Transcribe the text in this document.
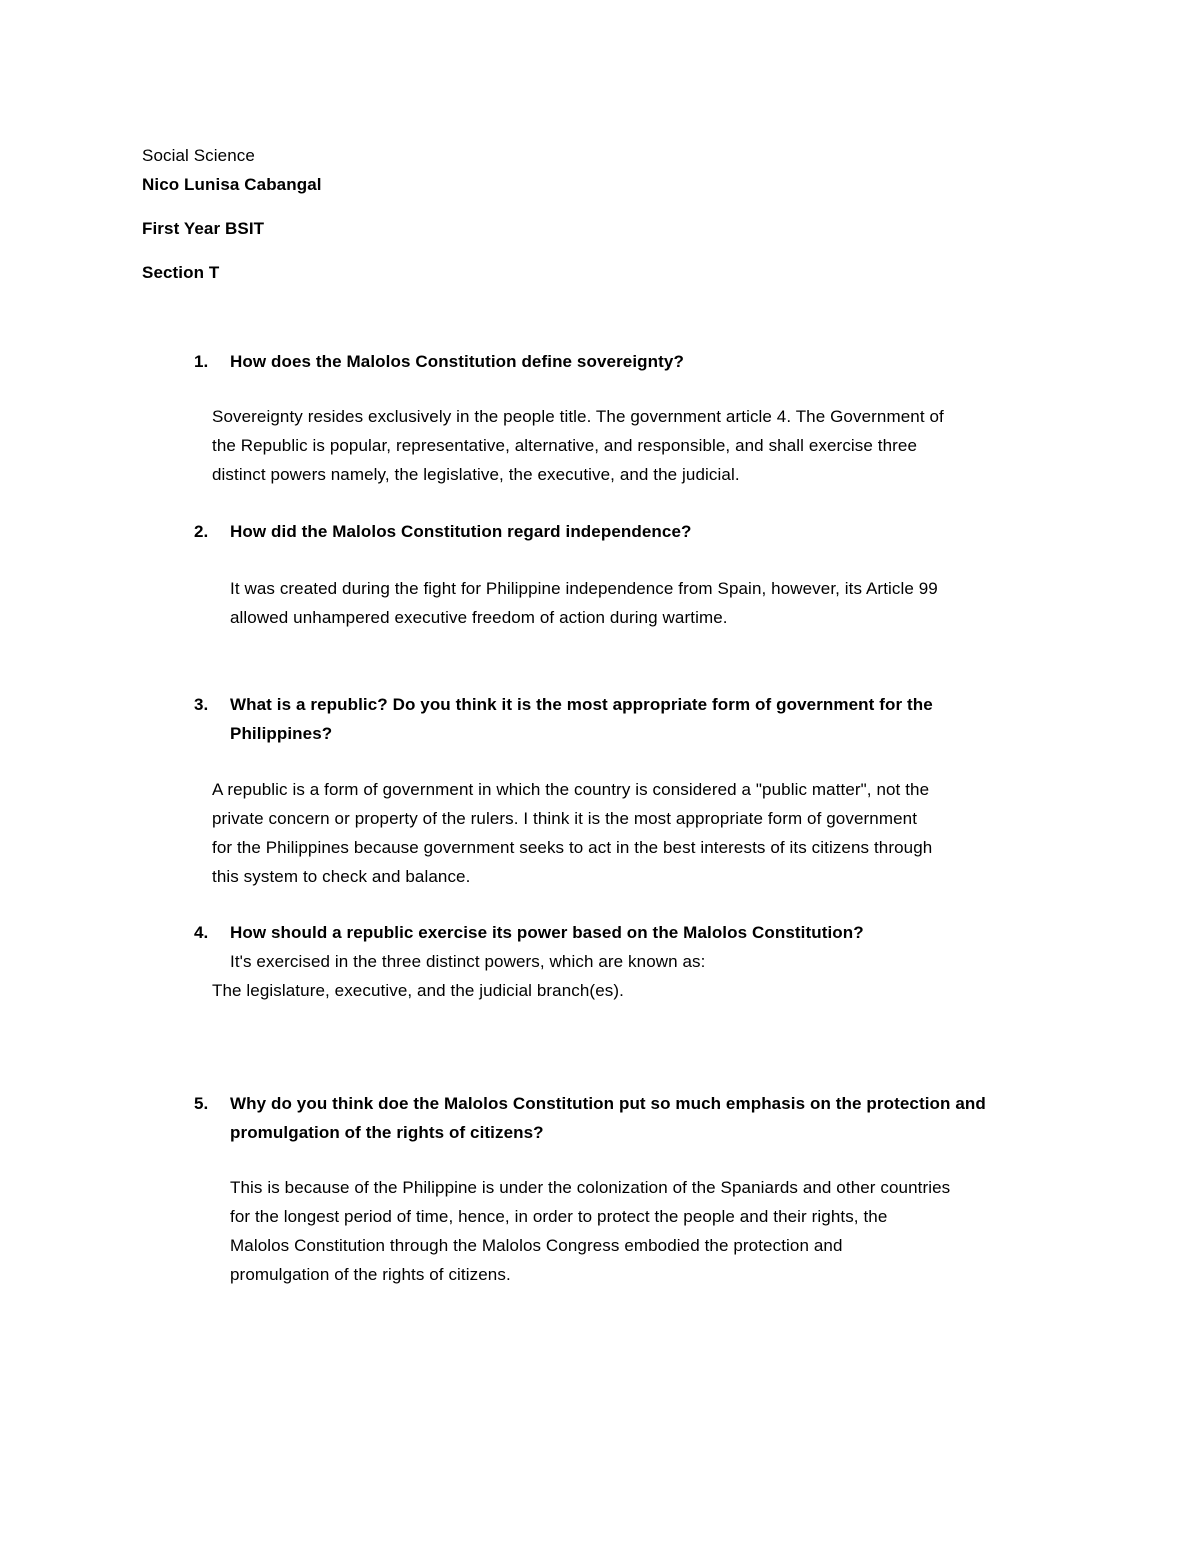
Social Science
Nico Lunisa Cabangal
First Year BSIT
Section T
1. How does the Malolos Constitution define sovereignty?
Sovereignty resides exclusively in the people title. The government article 4. The Government of
the Republic is popular, representative, alternative, and responsible, and shall exercise three
distinct powers namely, the legislative, the executive, and the judicial.
2. How did the Malolos Constitution regard independence?
It was created during the fight for Philippine independence from Spain, however, its Article 99
allowed unhampered executive freedom of action during wartime.
3. What is a republic? Do you think it is the most appropriate form of government for the
Philippines?
A republic is a form of government in which the country is considered a "public matter", not the
private concern or property of the rulers. I think it is the most appropriate form of government
for the Philippines because government seeks to act in the best interests of its citizens through
this system to check and balance.
4. How should a republic exercise its power based on the Malolos Constitution?
It's exercised in the three distinct powers, which are known as:
The legislature, executive, and the judicial branch(es).
5. Why do you think doe the Malolos Constitution put so much emphasis on the protection and
promulgation of the rights of citizens?
This is because of the Philippine is under the colonization of the Spaniards and other countries
for the longest period of time, hence, in order to protect the people and their rights, the
Malolos Constitution through the Malolos Congress embodied the protection and
promulgation of the rights of citizens.
